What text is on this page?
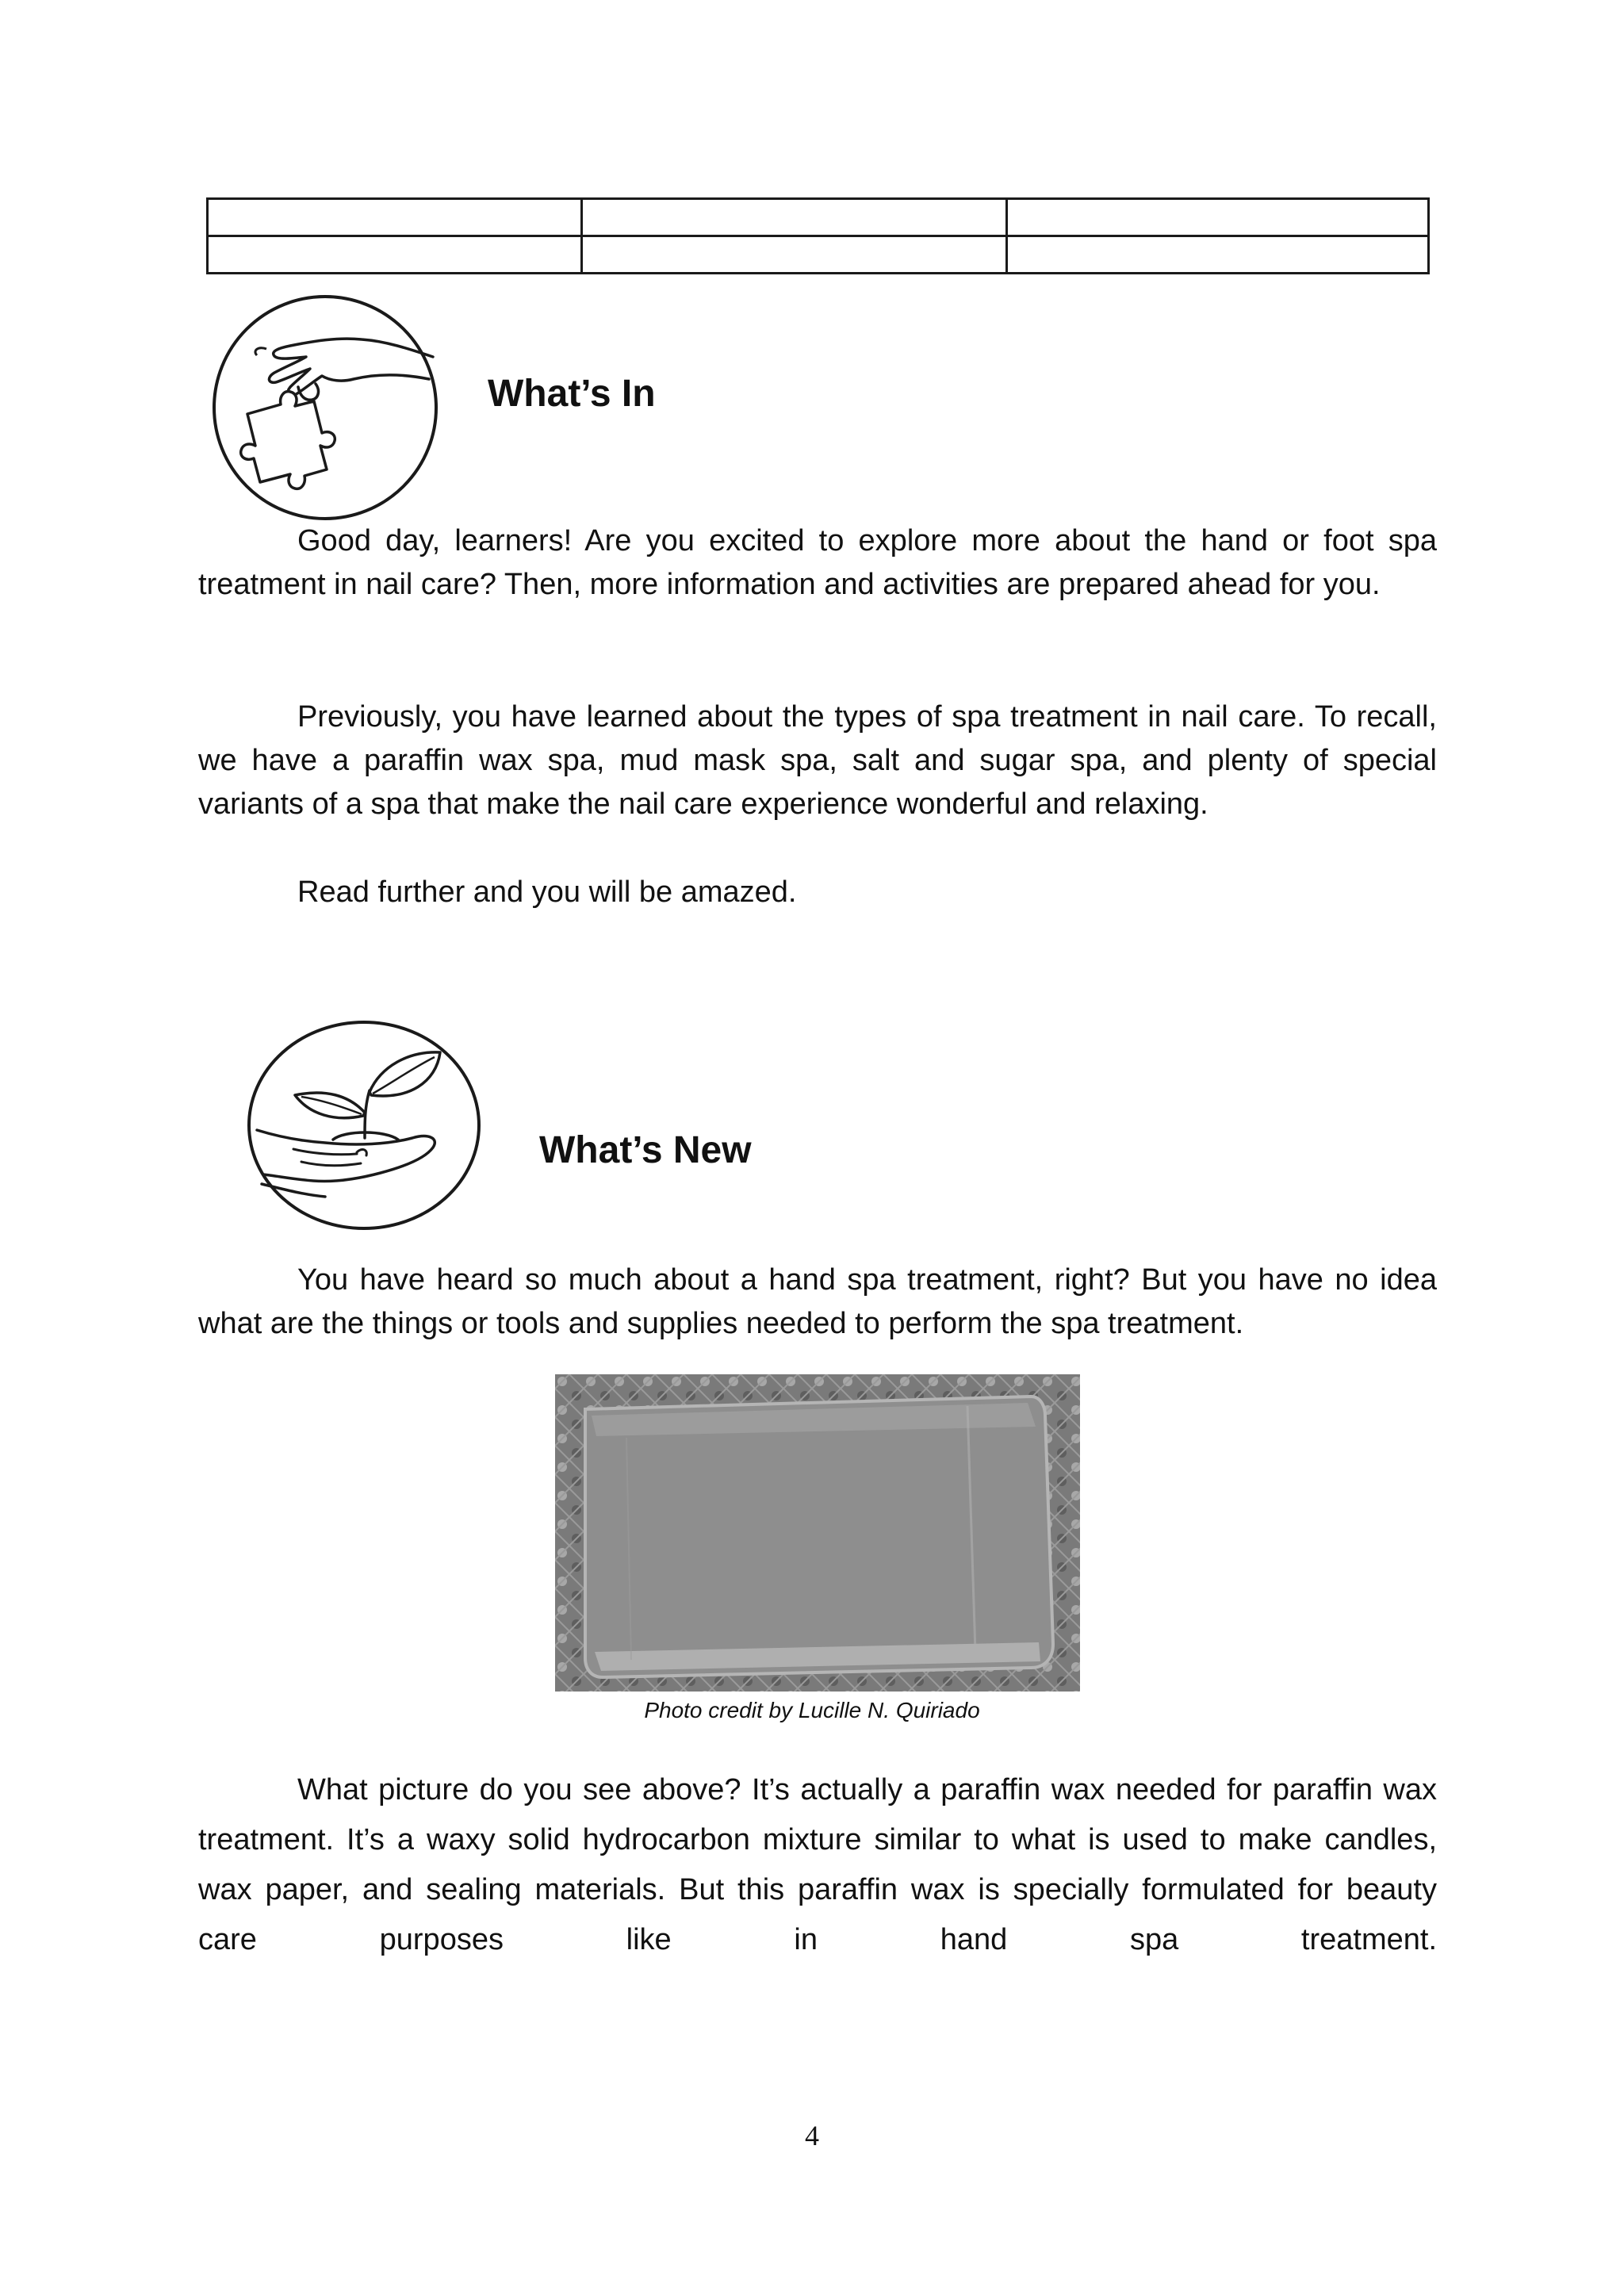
What’s In

Good day, learners! Are you excited to explore more about the hand or foot spa treatment in nail care? Then, more information and activities are prepared ahead for you.

Previously, you have learned about the types of spa treatment in nail care. To recall, we have a paraffin wax spa, mud mask spa, salt and sugar spa, and plenty of special variants of a spa that make the nail care experience wonderful and relaxing.

Read further and you will be amazed.

What’s New

You have heard so much about a hand spa treatment, right? But you have no idea what are the things or tools and supplies needed to perform the spa treatment.

Photo credit by Lucille N. Quiriado

What picture do you see above? It’s actually a paraffin wax needed for paraffin wax treatment. It’s a waxy solid hydrocarbon mixture similar to what is used to make candles, wax paper, and sealing materials. But this paraffin wax is specially formulated for beauty care purposes like in hand spa treatment.

4
